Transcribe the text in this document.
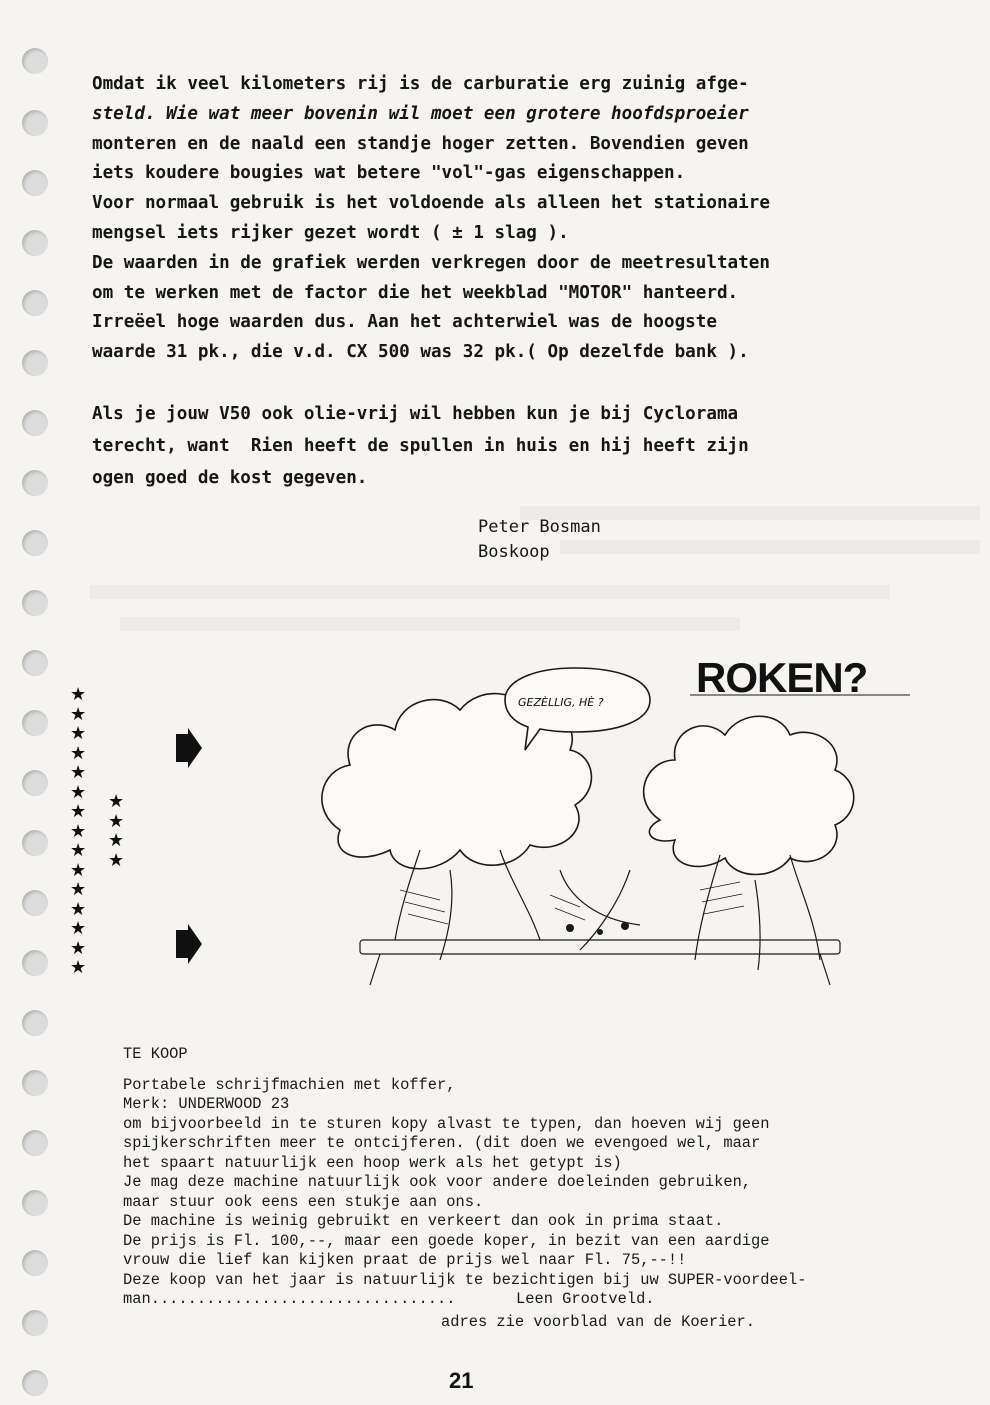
Omdat ik veel kilometers rij is de carburatie erg zuinig afge-

steld. Wie wat meer bovenin wil moet een grotere hoofdsproeier

monteren en de naald een standje hoger zetten. Bovendien geven

iets koudere bougies wat betere "vol"-gas eigenschappen.

Voor normaal gebruik is het voldoende als alleen het stationaire

mengsel iets rijker gezet wordt ( ± 1 slag ).

De waarden in de grafiek werden verkregen door de meetresultaten

om te werken met de factor die het weekblad "MOTOR" hanteerd.

Irreëel hoge waarden dus. Aan het achterwiel was de hoogste

waarde 31 pk., die v.d. CX 500 was 32 pk.( Op dezelfde bank ).

Als je jouw V50 ook olie-vrij wil hebben kun je bij Cyclorama

terecht, want  Rien heeft de spullen in huis en hij heeft zijn

ogen goed de kost gegeven.

Peter Bosman
Boskoop
★
★
★
★
★
★
★
★
★
★
★
★
★
★
★
★
★
★
★
ROKEN?
GEZÈLLIG, HÈ ?
TE KOOP
Portabele schrijfmachien met koffer,
Merk: UNDERWOOD 23
om bijvoorbeeld in te sturen kopy alvast te typen, dan hoeven wij geen
spijkerschriften meer te ontcijferen. (dit doen we evengoed wel, maar
het spaart natuurlijk een hoop werk als het getypt is)
Je mag deze machine natuurlijk ook voor andere doeleinden gebruiken,
maar stuur ook eens een stukje aan ons.
De machine is weinig gebruikt en verkeert dan ook in prima staat.
De prijs is Fl. 100,--, maar een goede koper, in bezit van een aardige
vrouw die lief kan kijken praat de prijs wel naar Fl. 75,--!!
Deze koop van het jaar is natuurlijk te bezichtigen bij uw SUPER-voordeel-
man.................................	Leen Grootveld.
adres zie voorblad van de Koerier.
21
